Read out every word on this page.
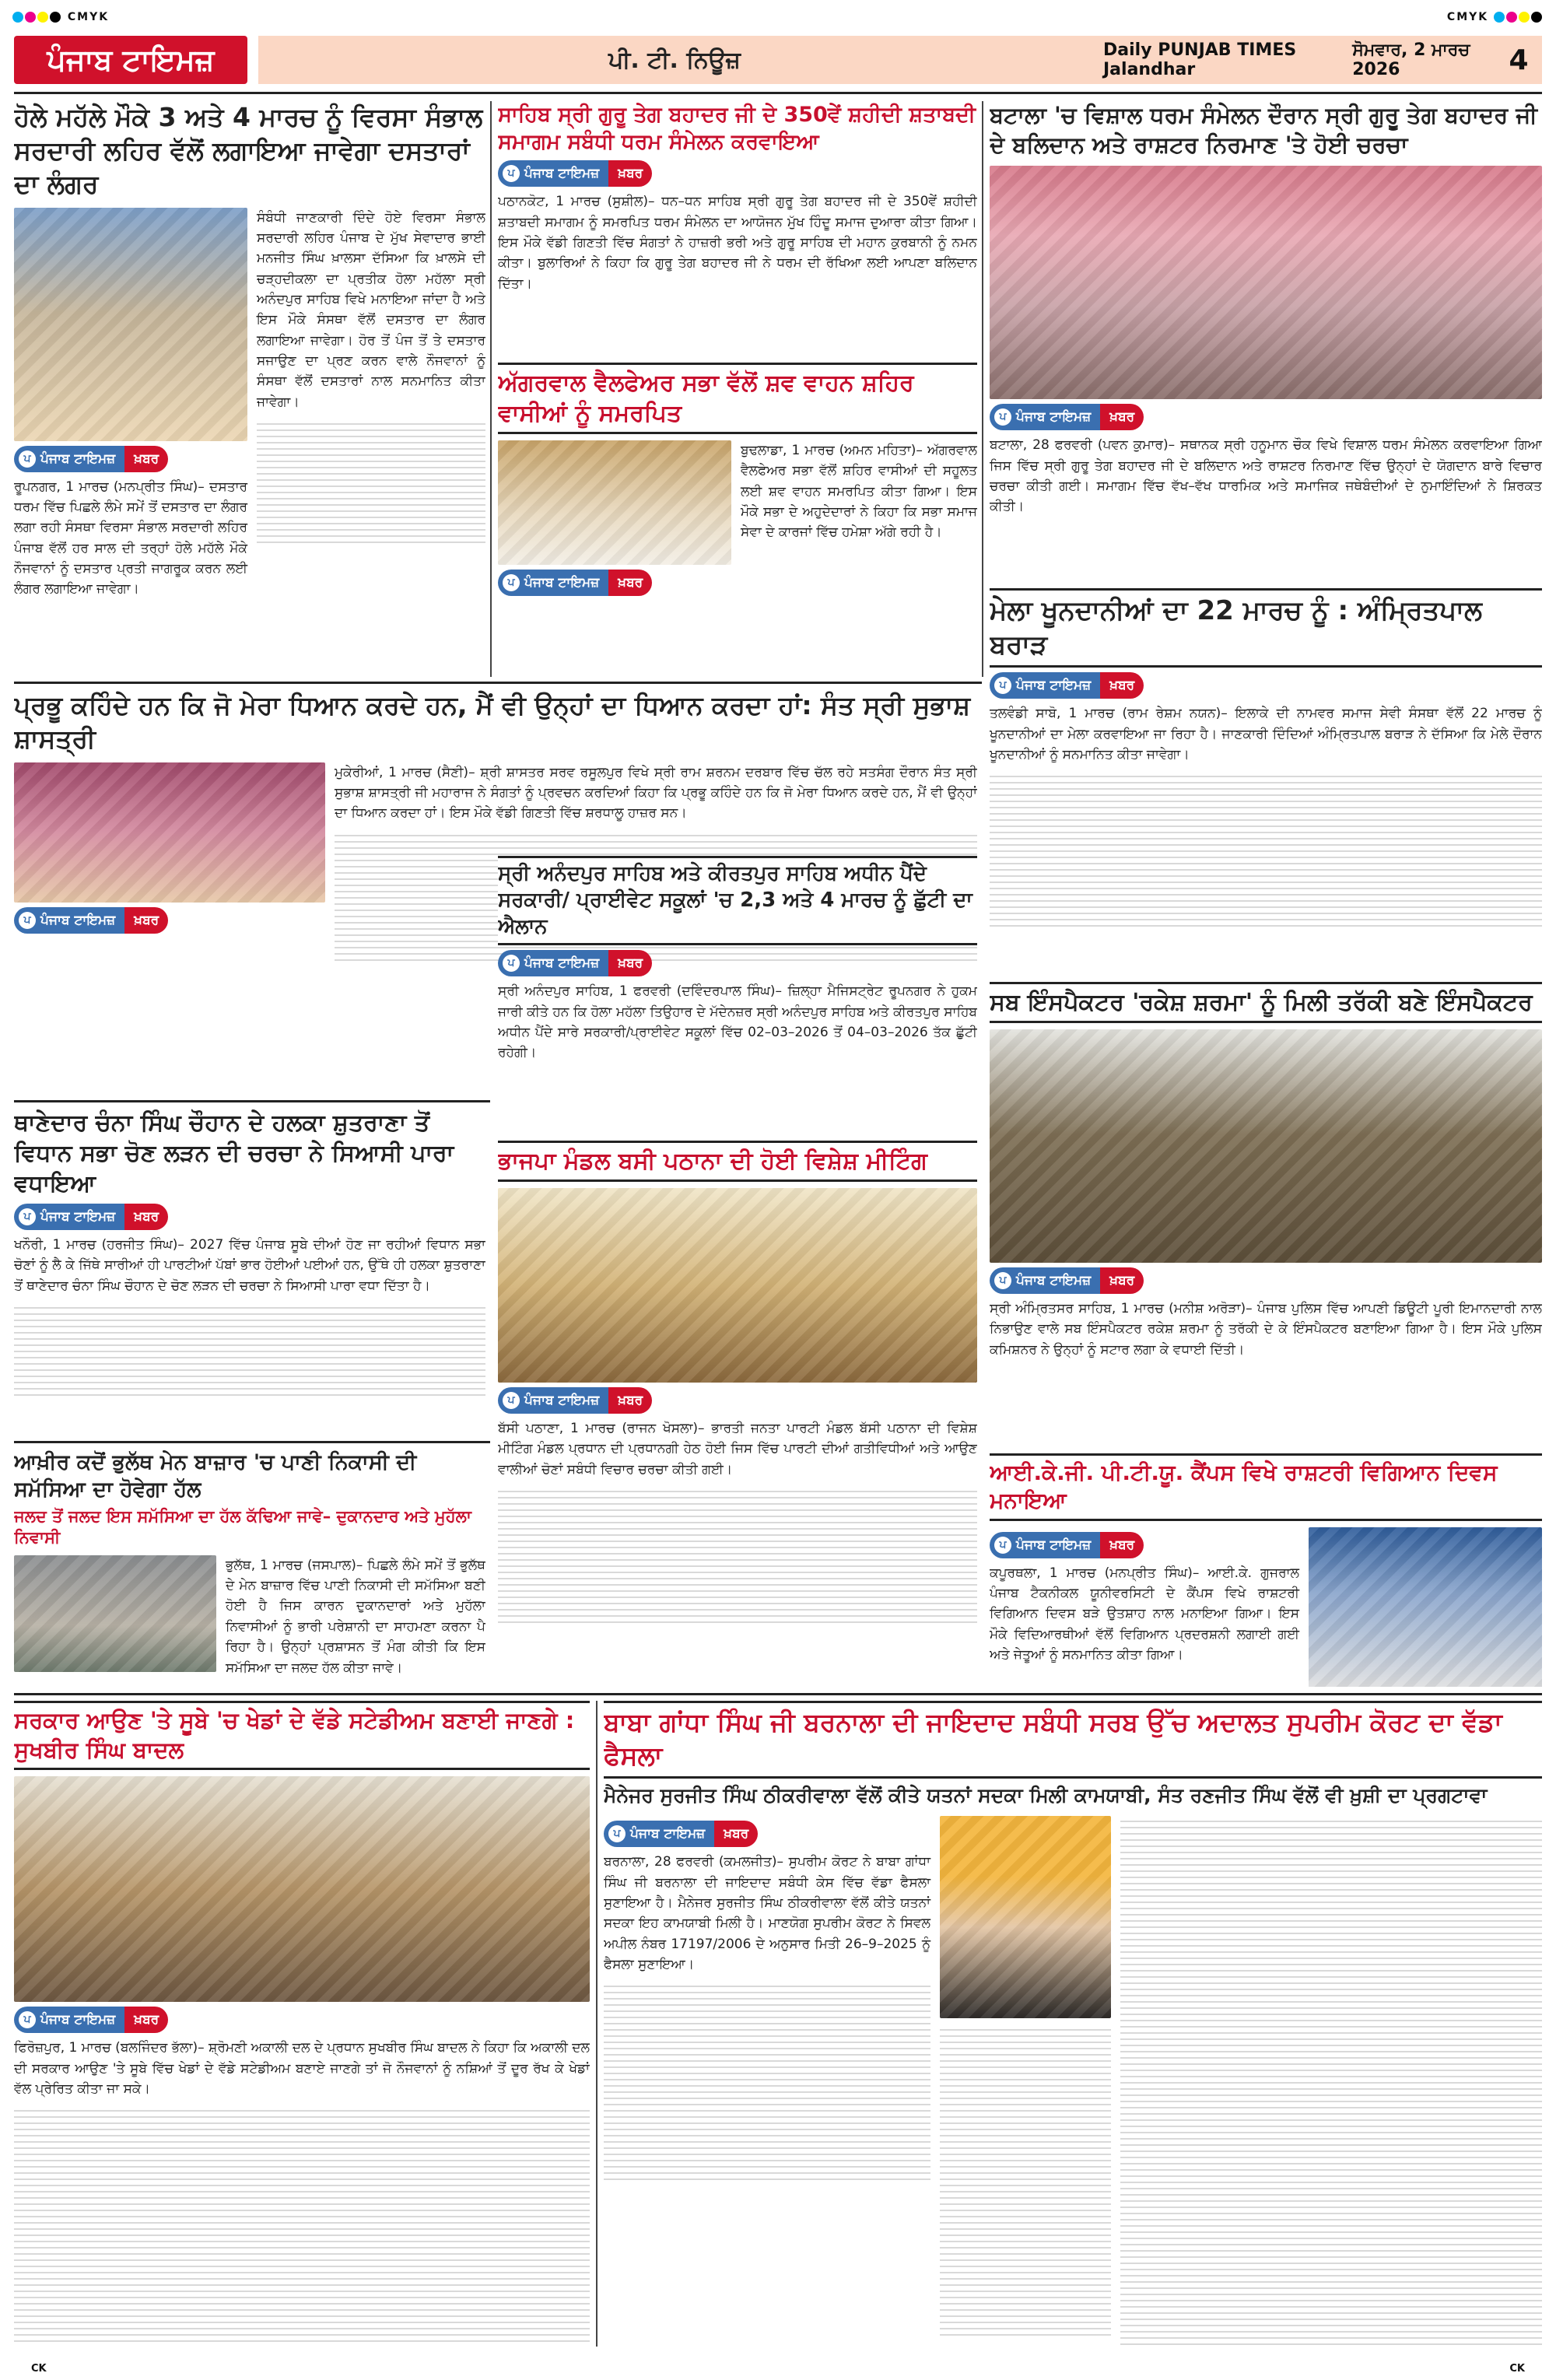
CMYK	CMYK
ਪੰਜਾਬ ਟਾਇਮਜ਼	ਪੀ. ਟੀ. ਨਿਊਜ਼	Daily PUNJAB TIMES Jalandhar

ਸੋਮਵਾਰ, 2 ਮਾਰਚ 2026	4
ਹੋਲੇ ਮਹੱਲੇ ਮੌਕੇ 3 ਅਤੇ 4 ਮਾਰਚ ਨੂੰ ਵਿਰਸਾ ਸੰਭਾਲ ਸਰਦਾਰੀ ਲਹਿਰ ਵੱਲੋਂ ਲਗਾਇਆ ਜਾਵੇਗਾ ਦਸਤਾਰਾਂ ਦਾ ਲੰਗਰ
ਪ ਪੰਜਾਬ ਟਾਇਮਜ਼	ਖ਼ਬਰ
ਰੂਪਨਗਰ, 1 ਮਾਰਚ (ਮਨਪ੍ਰੀਤ ਸਿੰਘ)– ਦਸਤਾਰ ਧਰਮ ਵਿੱਚ ਪਿਛਲੇ ਲੰਮੇ ਸਮੇਂ ਤੋਂ ਦਸਤਾਰ ਦਾ ਲੰਗਰ ਲਗਾ ਰਹੀ ਸੰਸਥਾ ਵਿਰਸਾ ਸੰਭਾਲ ਸਰਦਾਰੀ ਲਹਿਰ ਪੰਜਾਬ ਵੱਲੋਂ ਹਰ ਸਾਲ ਦੀ ਤਰ੍ਹਾਂ ਹੋਲੇ ਮਹੱਲੇ ਮੌਕੇ ਨੌਜਵਾਨਾਂ ਨੂੰ ਦਸਤਾਰ ਪ੍ਰਤੀ ਜਾਗਰੂਕ ਕਰਨ ਲਈ ਲੰਗਰ ਲਗਾਇਆ ਜਾਵੇਗਾ।
ਸੰਬੰਧੀ ਜਾਣਕਾਰੀ ਦਿੰਦੇ ਹੋਏ ਵਿਰਸਾ ਸੰਭਾਲ ਸਰਦਾਰੀ ਲਹਿਰ ਪੰਜਾਬ ਦੇ ਮੁੱਖ ਸੇਵਾਦਾਰ ਭਾਈ ਮਨਜੀਤ ਸਿੰਘ ਖ਼ਾਲਸਾ ਦੱਸਿਆ ਕਿ ਖ਼ਾਲਸੇ ਦੀ ਚੜ੍ਹਦੀਕਲਾ ਦਾ ਪ੍ਰਤੀਕ ਹੋਲਾ ਮਹੱਲਾ ਸ੍ਰੀ ਅਨੰਦਪੁਰ ਸਾਹਿਬ ਵਿਖੇ ਮਨਾਇਆ ਜਾਂਦਾ ਹੈ ਅਤੇ ਇਸ ਮੌਕੇ ਸੰਸਥਾ ਵੱਲੋਂ ਦਸਤਾਰ ਦਾ ਲੰਗਰ ਲਗਾਇਆ ਜਾਵੇਗਾ। ਹੋਰ ਤੋਂ ਪੰਜ ਤੋਂ ਤੇ ਦਸਤਾਰ ਸਜਾਉਣ ਦਾ ਪ੍ਰਣ ਕਰਨ ਵਾਲੇ ਨੌਜਵਾਨਾਂ ਨੂੰ ਸੰਸਥਾ ਵੱਲੋਂ ਦਸਤਾਰਾਂ ਨਾਲ ਸਨਮਾਨਿਤ ਕੀਤਾ ਜਾਵੇਗਾ।
ਸਾਹਿਬ ਸ੍ਰੀ ਗੁਰੂ ਤੇਗ ਬਹਾਦਰ ਜੀ ਦੇ 350ਵੇਂ ਸ਼ਹੀਦੀ ਸ਼ਤਾਬਦੀ ਸਮਾਗਮ ਸਬੰਧੀ ਧਰਮ ਸੰਮੇਲਨ ਕਰਵਾਇਆ
ਪ ਪੰਜਾਬ ਟਾਇਮਜ਼	ਖ਼ਬਰ
ਪਠਾਨਕੋਟ, 1 ਮਾਰਚ (ਸੁਸ਼ੀਲ)– ਧਨ–ਧਨ ਸਾਹਿਬ ਸ੍ਰੀ ਗੁਰੂ ਤੇਗ ਬਹਾਦਰ ਜੀ ਦੇ 350ਵੇਂ ਸ਼ਹੀਦੀ ਸ਼ਤਾਬਦੀ ਸਮਾਗਮ ਨੂੰ ਸਮਰਪਿਤ ਧਰਮ ਸੰਮੇਲਨ ਦਾ ਆਯੋਜਨ ਮੁੱਖ ਹਿੰਦੂ ਸਮਾਜ ਦੁਆਰਾ ਕੀਤਾ ਗਿਆ। ਇਸ ਮੌਕੇ ਵੱਡੀ ਗਿਣਤੀ ਵਿੱਚ ਸੰਗਤਾਂ ਨੇ ਹਾਜ਼ਰੀ ਭਰੀ ਅਤੇ ਗੁਰੂ ਸਾਹਿਬ ਦੀ ਮਹਾਨ ਕੁਰਬਾਨੀ ਨੂੰ ਨਮਨ ਕੀਤਾ। ਬੁਲਾਰਿਆਂ ਨੇ ਕਿਹਾ ਕਿ ਗੁਰੂ ਤੇਗ ਬਹਾਦਰ ਜੀ ਨੇ ਧਰਮ ਦੀ ਰੱਖਿਆ ਲਈ ਆਪਣਾ ਬਲਿਦਾਨ ਦਿੱਤਾ।
ਅੱਗਰਵਾਲ ਵੈਲਫੇਅਰ ਸਭਾ ਵੱਲੋਂ ਸ਼ਵ ਵਾਹਨ ਸ਼ਹਿਰ ਵਾਸੀਆਂ ਨੂੰ ਸਮਰਪਿਤ
ਪ ਪੰਜਾਬ ਟਾਇਮਜ਼	ਖ਼ਬਰ
ਬੁਢਲਾਡਾ, 1 ਮਾਰਚ (ਅਮਨ ਮਹਿਤਾ)– ਅੱਗਰਵਾਲ ਵੈਲਫੇਅਰ ਸਭਾ ਵੱਲੋਂ ਸ਼ਹਿਰ ਵਾਸੀਆਂ ਦੀ ਸਹੂਲਤ ਲਈ ਸ਼ਵ ਵਾਹਨ ਸਮਰਪਿਤ ਕੀਤਾ ਗਿਆ। ਇਸ ਮੌਕੇ ਸਭਾ ਦੇ ਅਹੁਦੇਦਾਰਾਂ ਨੇ ਕਿਹਾ ਕਿ ਸਭਾ ਸਮਾਜ ਸੇਵਾ ਦੇ ਕਾਰਜਾਂ ਵਿੱਚ ਹਮੇਸ਼ਾ ਅੱਗੇ ਰਹੀ ਹੈ।
ਬਟਾਲਾ 'ਚ ਵਿਸ਼ਾਲ ਧਰਮ ਸੰਮੇਲਨ ਦੌਰਾਨ ਸ੍ਰੀ ਗੁਰੂ ਤੇਗ ਬਹਾਦਰ ਜੀ ਦੇ ਬਲਿਦਾਨ ਅਤੇ ਰਾਸ਼ਟਰ ਨਿਰਮਾਣ 'ਤੇ ਹੋਈ ਚਰਚਾ
ਪ ਪੰਜਾਬ ਟਾਇਮਜ਼	ਖ਼ਬਰ
ਬਟਾਲਾ, 28 ਫਰਵਰੀ (ਪਵਨ ਕੁਮਾਰ)– ਸਥਾਨਕ ਸ੍ਰੀ ਹਨੂਮਾਨ ਚੌਕ ਵਿਖੇ ਵਿਸ਼ਾਲ ਧਰਮ ਸੰਮੇਲਨ ਕਰਵਾਇਆ ਗਿਆ ਜਿਸ ਵਿੱਚ ਸ੍ਰੀ ਗੁਰੂ ਤੇਗ ਬਹਾਦਰ ਜੀ ਦੇ ਬਲਿਦਾਨ ਅਤੇ ਰਾਸ਼ਟਰ ਨਿਰਮਾਣ ਵਿੱਚ ਉਨ੍ਹਾਂ ਦੇ ਯੋਗਦਾਨ ਬਾਰੇ ਵਿਚਾਰ ਚਰਚਾ ਕੀਤੀ ਗਈ। ਸਮਾਗਮ ਵਿੱਚ ਵੱਖ–ਵੱਖ ਧਾਰਮਿਕ ਅਤੇ ਸਮਾਜਿਕ ਜਥੇਬੰਦੀਆਂ ਦੇ ਨੁਮਾਇੰਦਿਆਂ ਨੇ ਸ਼ਿਰਕਤ ਕੀਤੀ।
ਮੇਲਾ ਖੂਨਦਾਨੀਆਂ ਦਾ 22 ਮਾਰਚ ਨੂੰ : ਅੰਮ੍ਰਿਤਪਾਲ ਬਰਾੜ
ਪ ਪੰਜਾਬ ਟਾਇਮਜ਼	ਖ਼ਬਰ
ਤਲਵੰਡੀ ਸਾਬੋ, 1 ਮਾਰਚ (ਰਾਮ ਰੇਸ਼ਮ ਨਯਨ)– ਇਲਾਕੇ ਦੀ ਨਾਮਵਰ ਸਮਾਜ ਸੇਵੀ ਸੰਸਥਾ ਵੱਲੋਂ 22 ਮਾਰਚ ਨੂੰ ਖੂਨਦਾਨੀਆਂ ਦਾ ਮੇਲਾ ਕਰਵਾਇਆ ਜਾ ਰਿਹਾ ਹੈ। ਜਾਣਕਾਰੀ ਦਿੰਦਿਆਂ ਅੰਮ੍ਰਿਤਪਾਲ ਬਰਾੜ ਨੇ ਦੱਸਿਆ ਕਿ ਮੇਲੇ ਦੌਰਾਨ ਖੂਨਦਾਨੀਆਂ ਨੂੰ ਸਨਮਾਨਿਤ ਕੀਤਾ ਜਾਵੇਗਾ।
ਪ੍ਰਭੂ ਕਹਿੰਦੇ ਹਨ ਕਿ ਜੋ ਮੇਰਾ ਧਿਆਨ ਕਰਦੇ ਹਨ, ਮੈਂ ਵੀ ਉਨ੍ਹਾਂ ਦਾ ਧਿਆਨ ਕਰਦਾ ਹਾਂ: ਸੰਤ ਸ੍ਰੀ ਸੁਭਾਸ਼ ਸ਼ਾਸਤ੍ਰੀ
ਪ ਪੰਜਾਬ ਟਾਇਮਜ਼	ਖ਼ਬਰ
ਮੁਕੇਰੀਆਂ, 1 ਮਾਰਚ (ਸੈਣੀ)– ਸ਼੍ਰੀ ਸ਼ਾਸਤਰ ਸਰਵ ਰਸੂਲਪੁਰ ਵਿਖੇ ਸ੍ਰੀ ਰਾਮ ਸ਼ਰਨਮ ਦਰਬਾਰ ਵਿੱਚ ਚੱਲ ਰਹੇ ਸਤਸੰਗ ਦੌਰਾਨ ਸੰਤ ਸ੍ਰੀ ਸੁਭਾਸ਼ ਸ਼ਾਸਤ੍ਰੀ ਜੀ ਮਹਾਰਾਜ ਨੇ ਸੰਗਤਾਂ ਨੂੰ ਪ੍ਰਵਚਨ ਕਰਦਿਆਂ ਕਿਹਾ ਕਿ ਪ੍ਰਭੂ ਕਹਿੰਦੇ ਹਨ ਕਿ ਜੋ ਮੇਰਾ ਧਿਆਨ ਕਰਦੇ ਹਨ, ਮੈਂ ਵੀ ਉਨ੍ਹਾਂ ਦਾ ਧਿਆਨ ਕਰਦਾ ਹਾਂ। ਇਸ ਮੌਕੇ ਵੱਡੀ ਗਿਣਤੀ ਵਿੱਚ ਸ਼ਰਧਾਲੂ ਹਾਜ਼ਰ ਸਨ।
ਸ੍ਰੀ ਅਨੰਦਪੁਰ ਸਾਹਿਬ ਅਤੇ ਕੀਰਤਪੁਰ ਸਾਹਿਬ ਅਧੀਨ ਪੈਂਦੇ ਸਰਕਾਰੀ/ ਪ੍ਰਾਈਵੇਟ ਸਕੂਲਾਂ 'ਚ 2,3 ਅਤੇ 4 ਮਾਰਚ ਨੂੰ ਛੁੱਟੀ ਦਾ ਐਲਾਨ
ਪ ਪੰਜਾਬ ਟਾਇਮਜ਼	ਖ਼ਬਰ
ਸ੍ਰੀ ਅਨੰਦਪੁਰ ਸਾਹਿਬ, 1 ਫਰਵਰੀ (ਦਵਿੰਦਰਪਾਲ ਸਿੰਘ)– ਜ਼ਿਲ੍ਹਾ ਮੈਜਿਸਟ੍ਰੇਟ ਰੂਪਨਗਰ ਨੇ ਹੁਕਮ ਜਾਰੀ ਕੀਤੇ ਹਨ ਕਿ ਹੋਲਾ ਮਹੱਲਾ ਤਿਉਹਾਰ ਦੇ ਮੱਦੇਨਜ਼ਰ ਸ੍ਰੀ ਅਨੰਦਪੁਰ ਸਾਹਿਬ ਅਤੇ ਕੀਰਤਪੁਰ ਸਾਹਿਬ ਅਧੀਨ ਪੈਂਦੇ ਸਾਰੇ ਸਰਕਾਰੀ/ਪ੍ਰਾਈਵੇਟ ਸਕੂਲਾਂ ਵਿੱਚ 02–03–2026 ਤੋਂ 04–03–2026 ਤੱਕ ਛੁੱਟੀ ਰਹੇਗੀ।
ਥਾਣੇਦਾਰ ਚੰਨਾ ਸਿੰਘ ਚੌਹਾਨ ਦੇ ਹਲਕਾ ਸ਼ੁਤਰਾਣਾ ਤੋਂ ਵਿਧਾਨ ਸਭਾ ਚੋਣ ਲੜਨ ਦੀ ਚਰਚਾ ਨੇ ਸਿਆਸੀ ਪਾਰਾ ਵਧਾਇਆ
ਪ ਪੰਜਾਬ ਟਾਇਮਜ਼	ਖ਼ਬਰ
ਖਨੌਰੀ, 1 ਮਾਰਚ (ਹਰਜੀਤ ਸਿੰਘ)– 2027 ਵਿੱਚ ਪੰਜਾਬ ਸੂਬੇ ਦੀਆਂ ਹੋਣ ਜਾ ਰਹੀਆਂ ਵਿਧਾਨ ਸਭਾ ਚੋਣਾਂ ਨੂੰ ਲੈ ਕੇ ਜਿੱਥੇ ਸਾਰੀਆਂ ਹੀ ਪਾਰਟੀਆਂ ਪੱਬਾਂ ਭਾਰ ਹੋਈਆਂ ਪਈਆਂ ਹਨ, ਉੱਥੇ ਹੀ ਹਲਕਾ ਸ਼ੁਤਰਾਣਾ ਤੋਂ ਥਾਣੇਦਾਰ ਚੰਨਾ ਸਿੰਘ ਚੌਹਾਨ ਦੇ ਚੋਣ ਲੜਨ ਦੀ ਚਰਚਾ ਨੇ ਸਿਆਸੀ ਪਾਰਾ ਵਧਾ ਦਿੱਤਾ ਹੈ।
ਭਾਜਪਾ ਮੰਡਲ ਬਸੀ ਪਠਾਨਾ ਦੀ ਹੋਈ ਵਿਸ਼ੇਸ਼ ਮੀਟਿੰਗ
ਪ ਪੰਜਾਬ ਟਾਇਮਜ਼	ਖ਼ਬਰ
ਬੱਸੀ ਪਠਾਣਾ, 1 ਮਾਰਚ (ਰਾਜਨ ਖੋਸਲਾ)– ਭਾਰਤੀ ਜਨਤਾ ਪਾਰਟੀ ਮੰਡਲ ਬੱਸੀ ਪਠਾਨਾ ਦੀ ਵਿਸ਼ੇਸ਼ ਮੀਟਿੰਗ ਮੰਡਲ ਪ੍ਰਧਾਨ ਦੀ ਪ੍ਰਧਾਨਗੀ ਹੇਠ ਹੋਈ ਜਿਸ ਵਿੱਚ ਪਾਰਟੀ ਦੀਆਂ ਗਤੀਵਿਧੀਆਂ ਅਤੇ ਆਉਣ ਵਾਲੀਆਂ ਚੋਣਾਂ ਸਬੰਧੀ ਵਿਚਾਰ ਚਰਚਾ ਕੀਤੀ ਗਈ।
ਆਖ਼ੀਰ ਕਦੋਂ ਭੁਲੱਥ ਮੇਨ ਬਾਜ਼ਾਰ 'ਚ ਪਾਣੀ ਨਿਕਾਸੀ ਦੀ ਸਮੱਸਿਆ ਦਾ ਹੋਵੇਗਾ ਹੱਲ
ਜਲਦ ਤੋਂ ਜਲਦ ਇਸ ਸਮੱਸਿਆ ਦਾ ਹੱਲ ਕੱਢਿਆ ਜਾਵੇ– ਦੁਕਾਨਦਾਰ ਅਤੇ ਮੁਹੱਲਾ ਨਿਵਾਸੀ
ਭੁਲੱਥ, 1 ਮਾਰਚ (ਜਸਪਾਲ)– ਪਿਛਲੇ ਲੰਮੇ ਸਮੇਂ ਤੋਂ ਭੁਲੱਥ ਦੇ ਮੇਨ ਬਾਜ਼ਾਰ ਵਿੱਚ ਪਾਣੀ ਨਿਕਾਸੀ ਦੀ ਸਮੱਸਿਆ ਬਣੀ ਹੋਈ ਹੈ ਜਿਸ ਕਾਰਨ ਦੁਕਾਨਦਾਰਾਂ ਅਤੇ ਮੁਹੱਲਾ ਨਿਵਾਸੀਆਂ ਨੂੰ ਭਾਰੀ ਪਰੇਸ਼ਾਨੀ ਦਾ ਸਾਹਮਣਾ ਕਰਨਾ ਪੈ ਰਿਹਾ ਹੈ। ਉਨ੍ਹਾਂ ਪ੍ਰਸ਼ਾਸਨ ਤੋਂ ਮੰਗ ਕੀਤੀ ਕਿ ਇਸ ਸਮੱਸਿਆ ਦਾ ਜਲਦ ਹੱਲ ਕੀਤਾ ਜਾਵੇ।
ਸਬ ਇੰਸਪੈਕਟਰ 'ਰਕੇਸ਼ ਸ਼ਰਮਾ' ਨੂੰ ਮਿਲੀ ਤਰੱਕੀ ਬਣੇ ਇੰਸਪੈਕਟਰ
ਪ ਪੰਜਾਬ ਟਾਇਮਜ਼	ਖ਼ਬਰ
ਸ੍ਰੀ ਅੰਮ੍ਰਿਤਸਰ ਸਾਹਿਬ, 1 ਮਾਰਚ (ਮਨੀਸ਼ ਅਰੋੜਾ)– ਪੰਜਾਬ ਪੁਲਿਸ ਵਿੱਚ ਆਪਣੀ ਡਿਊਟੀ ਪੂਰੀ ਇਮਾਨਦਾਰੀ ਨਾਲ ਨਿਭਾਉਣ ਵਾਲੇ ਸਬ ਇੰਸਪੈਕਟਰ ਰਕੇਸ਼ ਸ਼ਰਮਾ ਨੂੰ ਤਰੱਕੀ ਦੇ ਕੇ ਇੰਸਪੈਕਟਰ ਬਣਾਇਆ ਗਿਆ ਹੈ। ਇਸ ਮੌਕੇ ਪੁਲਿਸ ਕਮਿਸ਼ਨਰ ਨੇ ਉਨ੍ਹਾਂ ਨੂੰ ਸਟਾਰ ਲਗਾ ਕੇ ਵਧਾਈ ਦਿੱਤੀ।
ਆਈ.ਕੇ.ਜੀ. ਪੀ.ਟੀ.ਯੂ. ਕੈਂਪਸ ਵਿਖੇ ਰਾਸ਼ਟਰੀ ਵਿਗਿਆਨ ਦਿਵਸ ਮਨਾਇਆ
ਪ ਪੰਜਾਬ ਟਾਇਮਜ਼	ਖ਼ਬਰ
ਕਪੂਰਥਲਾ, 1 ਮਾਰਚ (ਮਨਪ੍ਰੀਤ ਸਿੰਘ)– ਆਈ.ਕੇ. ਗੁਜਰਾਲ ਪੰਜਾਬ ਟੈਕਨੀਕਲ ਯੂਨੀਵਰਸਿਟੀ ਦੇ ਕੈਂਪਸ ਵਿਖੇ ਰਾਸ਼ਟਰੀ ਵਿਗਿਆਨ ਦਿਵਸ ਬੜੇ ਉਤਸ਼ਾਹ ਨਾਲ ਮਨਾਇਆ ਗਿਆ। ਇਸ ਮੌਕੇ ਵਿਦਿਆਰਥੀਆਂ ਵੱਲੋਂ ਵਿਗਿਆਨ ਪ੍ਰਦਰਸ਼ਨੀ ਲਗਾਈ ਗਈ ਅਤੇ ਜੇਤੂਆਂ ਨੂੰ ਸਨਮਾਨਿਤ ਕੀਤਾ ਗਿਆ।
ਸਰਕਾਰ ਆਉਣ 'ਤੇ ਸੂਬੇ 'ਚ ਖੇਡਾਂ ਦੇ ਵੱਡੇ ਸਟੇਡੀਅਮ ਬਣਾਈ ਜਾਣਗੇ : ਸੁਖਬੀਰ ਸਿੰਘ ਬਾਦਲ
ਪ ਪੰਜਾਬ ਟਾਇਮਜ਼	ਖ਼ਬਰ
ਫਿਰੋਜ਼ਪੁਰ, 1 ਮਾਰਚ (ਬਲਜਿੰਦਰ ਭੱਲਾ)– ਸ਼੍ਰੋਮਣੀ ਅਕਾਲੀ ਦਲ ਦੇ ਪ੍ਰਧਾਨ ਸੁਖਬੀਰ ਸਿੰਘ ਬਾਦਲ ਨੇ ਕਿਹਾ ਕਿ ਅਕਾਲੀ ਦਲ ਦੀ ਸਰਕਾਰ ਆਉਣ 'ਤੇ ਸੂਬੇ ਵਿੱਚ ਖੇਡਾਂ ਦੇ ਵੱਡੇ ਸਟੇਡੀਅਮ ਬਣਾਏ ਜਾਣਗੇ ਤਾਂ ਜੋ ਨੌਜਵਾਨਾਂ ਨੂੰ ਨਸ਼ਿਆਂ ਤੋਂ ਦੂਰ ਰੱਖ ਕੇ ਖੇਡਾਂ ਵੱਲ ਪ੍ਰੇਰਿਤ ਕੀਤਾ ਜਾ ਸਕੇ।
ਬਾਬਾ ਗਾਂਧਾ ਸਿੰਘ ਜੀ ਬਰਨਾਲਾ ਦੀ ਜਾਇਦਾਦ ਸਬੰਧੀ ਸਰਬ ਉੱਚ ਅਦਾਲਤ ਸੁਪਰੀਮ ਕੋਰਟ ਦਾ ਵੱਡਾ ਫੈਸਲਾ
ਮੈਨੇਜਰ ਸੁਰਜੀਤ ਸਿੰਘ ਠੀਕਰੀਵਾਲਾ ਵੱਲੋਂ ਕੀਤੇ ਯਤਨਾਂ ਸਦਕਾ ਮਿਲੀ ਕਾਮਯਾਬੀ, ਸੰਤ ਰਣਜੀਤ ਸਿੰਘ ਵੱਲੋਂ ਵੀ ਖ਼ੁਸ਼ੀ ਦਾ ਪ੍ਰਗਟਾਵਾ
ਪ ਪੰਜਾਬ ਟਾਇਮਜ਼	ਖ਼ਬਰ
ਬਰਨਾਲਾ, 28 ਫਰਵਰੀ (ਕਮਲਜੀਤ)– ਸੁਪਰੀਮ ਕੋਰਟ ਨੇ ਬਾਬਾ ਗਾਂਧਾ ਸਿੰਘ ਜੀ ਬਰਨਾਲਾ ਦੀ ਜਾਇਦਾਦ ਸਬੰਧੀ ਕੇਸ ਵਿੱਚ ਵੱਡਾ ਫੈਸਲਾ ਸੁਣਾਇਆ ਹੈ। ਮੈਨੇਜਰ ਸੁਰਜੀਤ ਸਿੰਘ ਠੀਕਰੀਵਾਲਾ ਵੱਲੋਂ ਕੀਤੇ ਯਤਨਾਂ ਸਦਕਾ ਇਹ ਕਾਮਯਾਬੀ ਮਿਲੀ ਹੈ। ਮਾਣਯੋਗ ਸੁਪਰੀਮ ਕੋਰਟ ਨੇ ਸਿਵਲ ਅਪੀਲ ਨੰਬਰ 17197/2006 ਦੇ ਅਨੁਸਾਰ ਮਿਤੀ 26–9–2025 ਨੂੰ ਫੈਸਲਾ ਸੁਣਾਇਆ।
CK	CK
